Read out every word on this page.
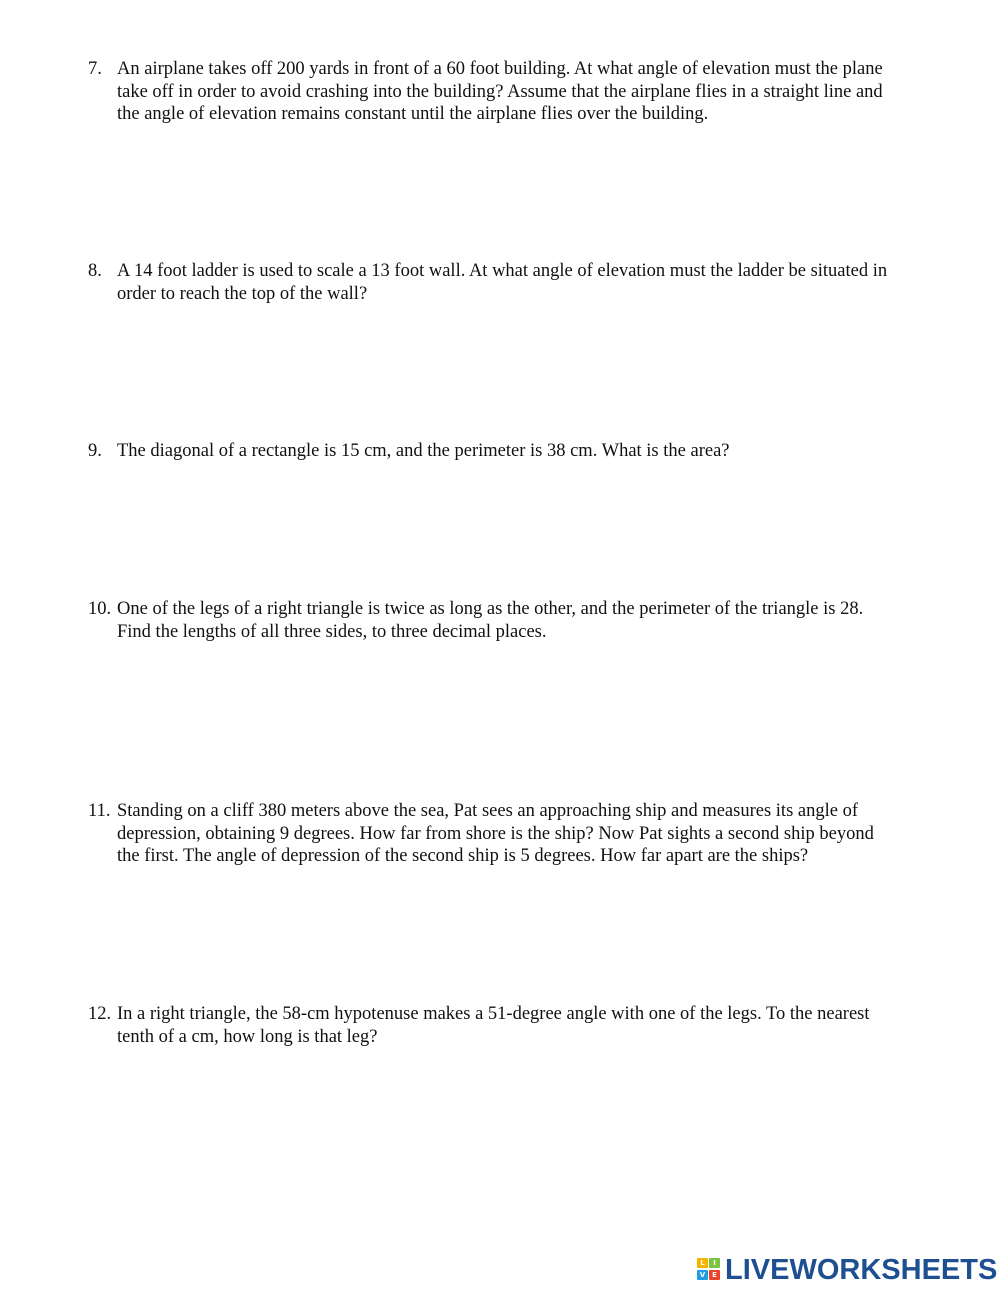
7. An airplane takes off 200 yards in front of a 60 foot building. At what angle of elevation must the plane
take off in order to avoid crashing into the building? Assume that the airplane flies in a straight line and
the angle of elevation remains constant until the airplane flies over the building.
8. A 14 foot ladder is used to scale a 13 foot wall. At what angle of elevation must the ladder be situated in
order to reach the top of the wall?
9. The diagonal of a rectangle is 15 cm, and the perimeter is 38 cm. What is the area?
10. One of the legs of a right triangle is twice as long as the other, and the perimeter of the triangle is 28.
Find the lengths of all three sides, to three decimal places.
11. Standing on a cliff 380 meters above the sea, Pat sees an approaching ship and measures its angle of
depression, obtaining 9 degrees. How far from shore is the ship? Now Pat sights a second ship beyond
the first. The angle of depression of the second ship is 5 degrees. How far apart are the ships?
12. In a right triangle, the 58-cm hypotenuse makes a 51-degree angle with one of the legs. To the nearest
tenth of a cm, how long is that leg?
L	I
V E LIVE WORKSHEETS
